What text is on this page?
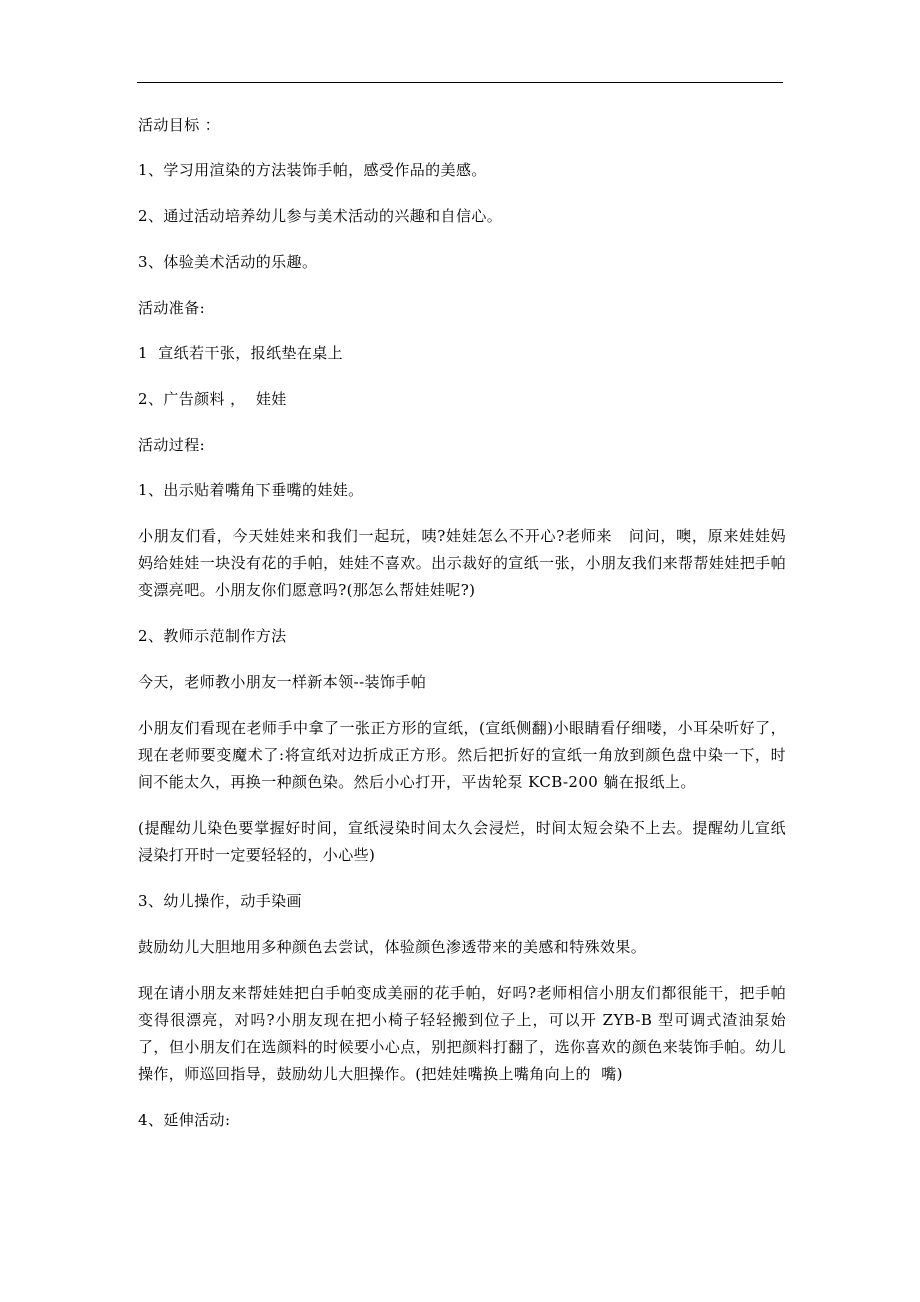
活动目标 ：

1、学习用渲染的方法装饰手帕，感受作品的美感。

2、通过活动培养幼儿参与美术活动的兴趣和自信心。

3、体验美术活动的乐趣。

活动准备:

1  宣纸若干张，报纸垫在桌上

2、广告颜料 ，  娃娃

活动过程:

1、出示贴着嘴角下垂嘴的娃娃。

小朋友们看，今天娃娃来和我们一起玩，咦?娃娃怎么不开心?老师来   问问，噢，原来娃娃妈妈给娃娃一块没有花的手帕，娃娃不喜欢。出示裁好的宣纸一张，小朋友我们来帮帮娃娃把手帕变漂亮吧。小朋友你们愿意吗?(那怎么帮娃娃呢?)

2、教师示范制作方法

今天，老师教小朋友一样新本领--装饰手帕

小朋友们看现在老师手中拿了一张正方形的宣纸，(宣纸侧翻)小眼睛看仔细喽，小耳朵听好了，现在老师要变魔术了:将宣纸对边折成正方形。然后把折好的宣纸一角放到颜色盘中染一下，时间不能太久，再换一种颜色染。然后小心打开，平齿轮泵 KCB-200 躺在报纸上。

(提醒幼儿染色要掌握好时间，宣纸浸染时间太久会浸烂，时间太短会染不上去。提醒幼儿宣纸浸染打开时一定要轻轻的，小心些)

3、幼儿操作，动手染画

鼓励幼儿大胆地用多种颜色去尝试，体验颜色渗透带来的美感和特殊效果。

现在请小朋友来帮娃娃把白手帕变成美丽的花手帕，好吗?老师相信小朋友们都很能干，把手帕变得很漂亮，对吗?小朋友现在把小椅子轻轻搬到位子上，可以开 ZYB-B 型可调式渣油泵始了，但小朋友们在选颜料的时候要小心点，别把颜料打翻了，选你喜欢的颜色来装饰手帕。幼儿操作，师巡回指导，鼓励幼儿大胆操作。(把娃娃嘴换上嘴角向上的  嘴)

4、延伸活动:
